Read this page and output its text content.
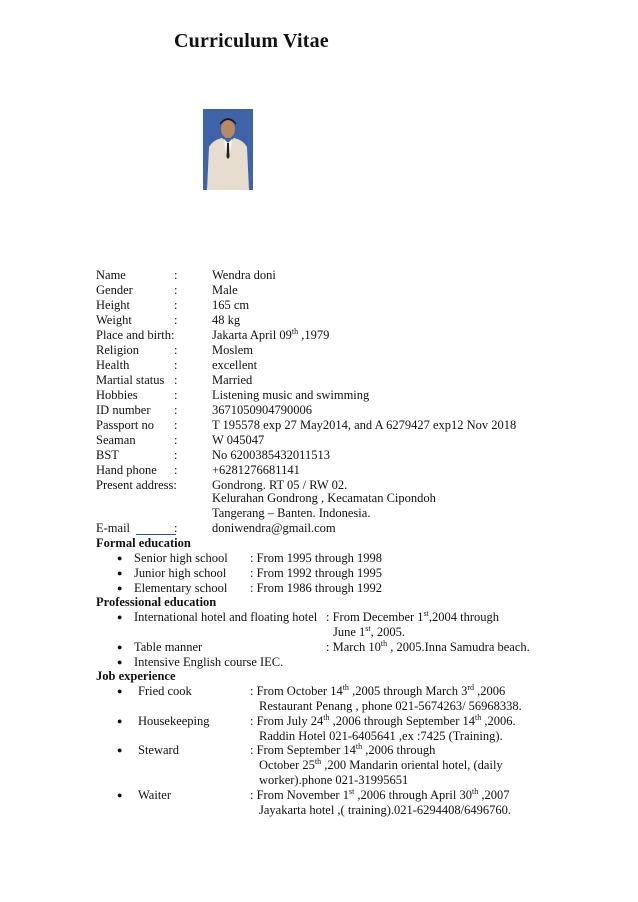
Curriculum Vitae
Name	:	Wendra doni
Gender	:	Male
Height	:	165 cm
Weight	:	48 kg
Place and birth:	Jakarta April 09th ,1979
Religion	:	Moslem
Health	:	excellent
Martial status :	Married
Hobbies	:	Listening music and swimming
ID number :	3671050904790006
Passport no :	T 195578 exp 27 May2014, and A 6279427 exp12 Nov 2018
Seaman	:	W 045047
BST	:	No 6200385432011513
Hand phone :	+6281276681141
Present address:	Gondrong. RT 05 / RW 02.
Kelurahan Gondrong , Kecamatan Cipondoh
Tangerang – Banten. Indonesia.
E-mail	:	doniwendra@gmail.com
Formal education
● Senior high school : From 1995 through 1998
● Junior high school : From 1992 through 1995
● Elementary school : From 1986 through 1992
Professional education
● International hotel and floating hotel : From December 1st,2004 through
June 1st, 2005.
● Table manner	: March 10th , 2005.Inna Samudra beach.
● Intensive English course IEC.
Job experience
● Fried cook	: From October 14th ,2005 through March 3rd ,2006
Restaurant Penang , phone 021-5674263/ 56968338.
● Housekeeping	: From July 24th ,2006 through September 14th ,2006.
Raddin Hotel 021-6405641 ,ex :7425 (Training).
● Steward	: From September 14th ,2006 through
October 25th ,200 Mandarin oriental hotel, (daily
worker).phone 021-31995651
● Waiter	: From November 1st ,2006 through April 30th ,2007
Jayakarta hotel ,( training).021-6294408/6496760.
